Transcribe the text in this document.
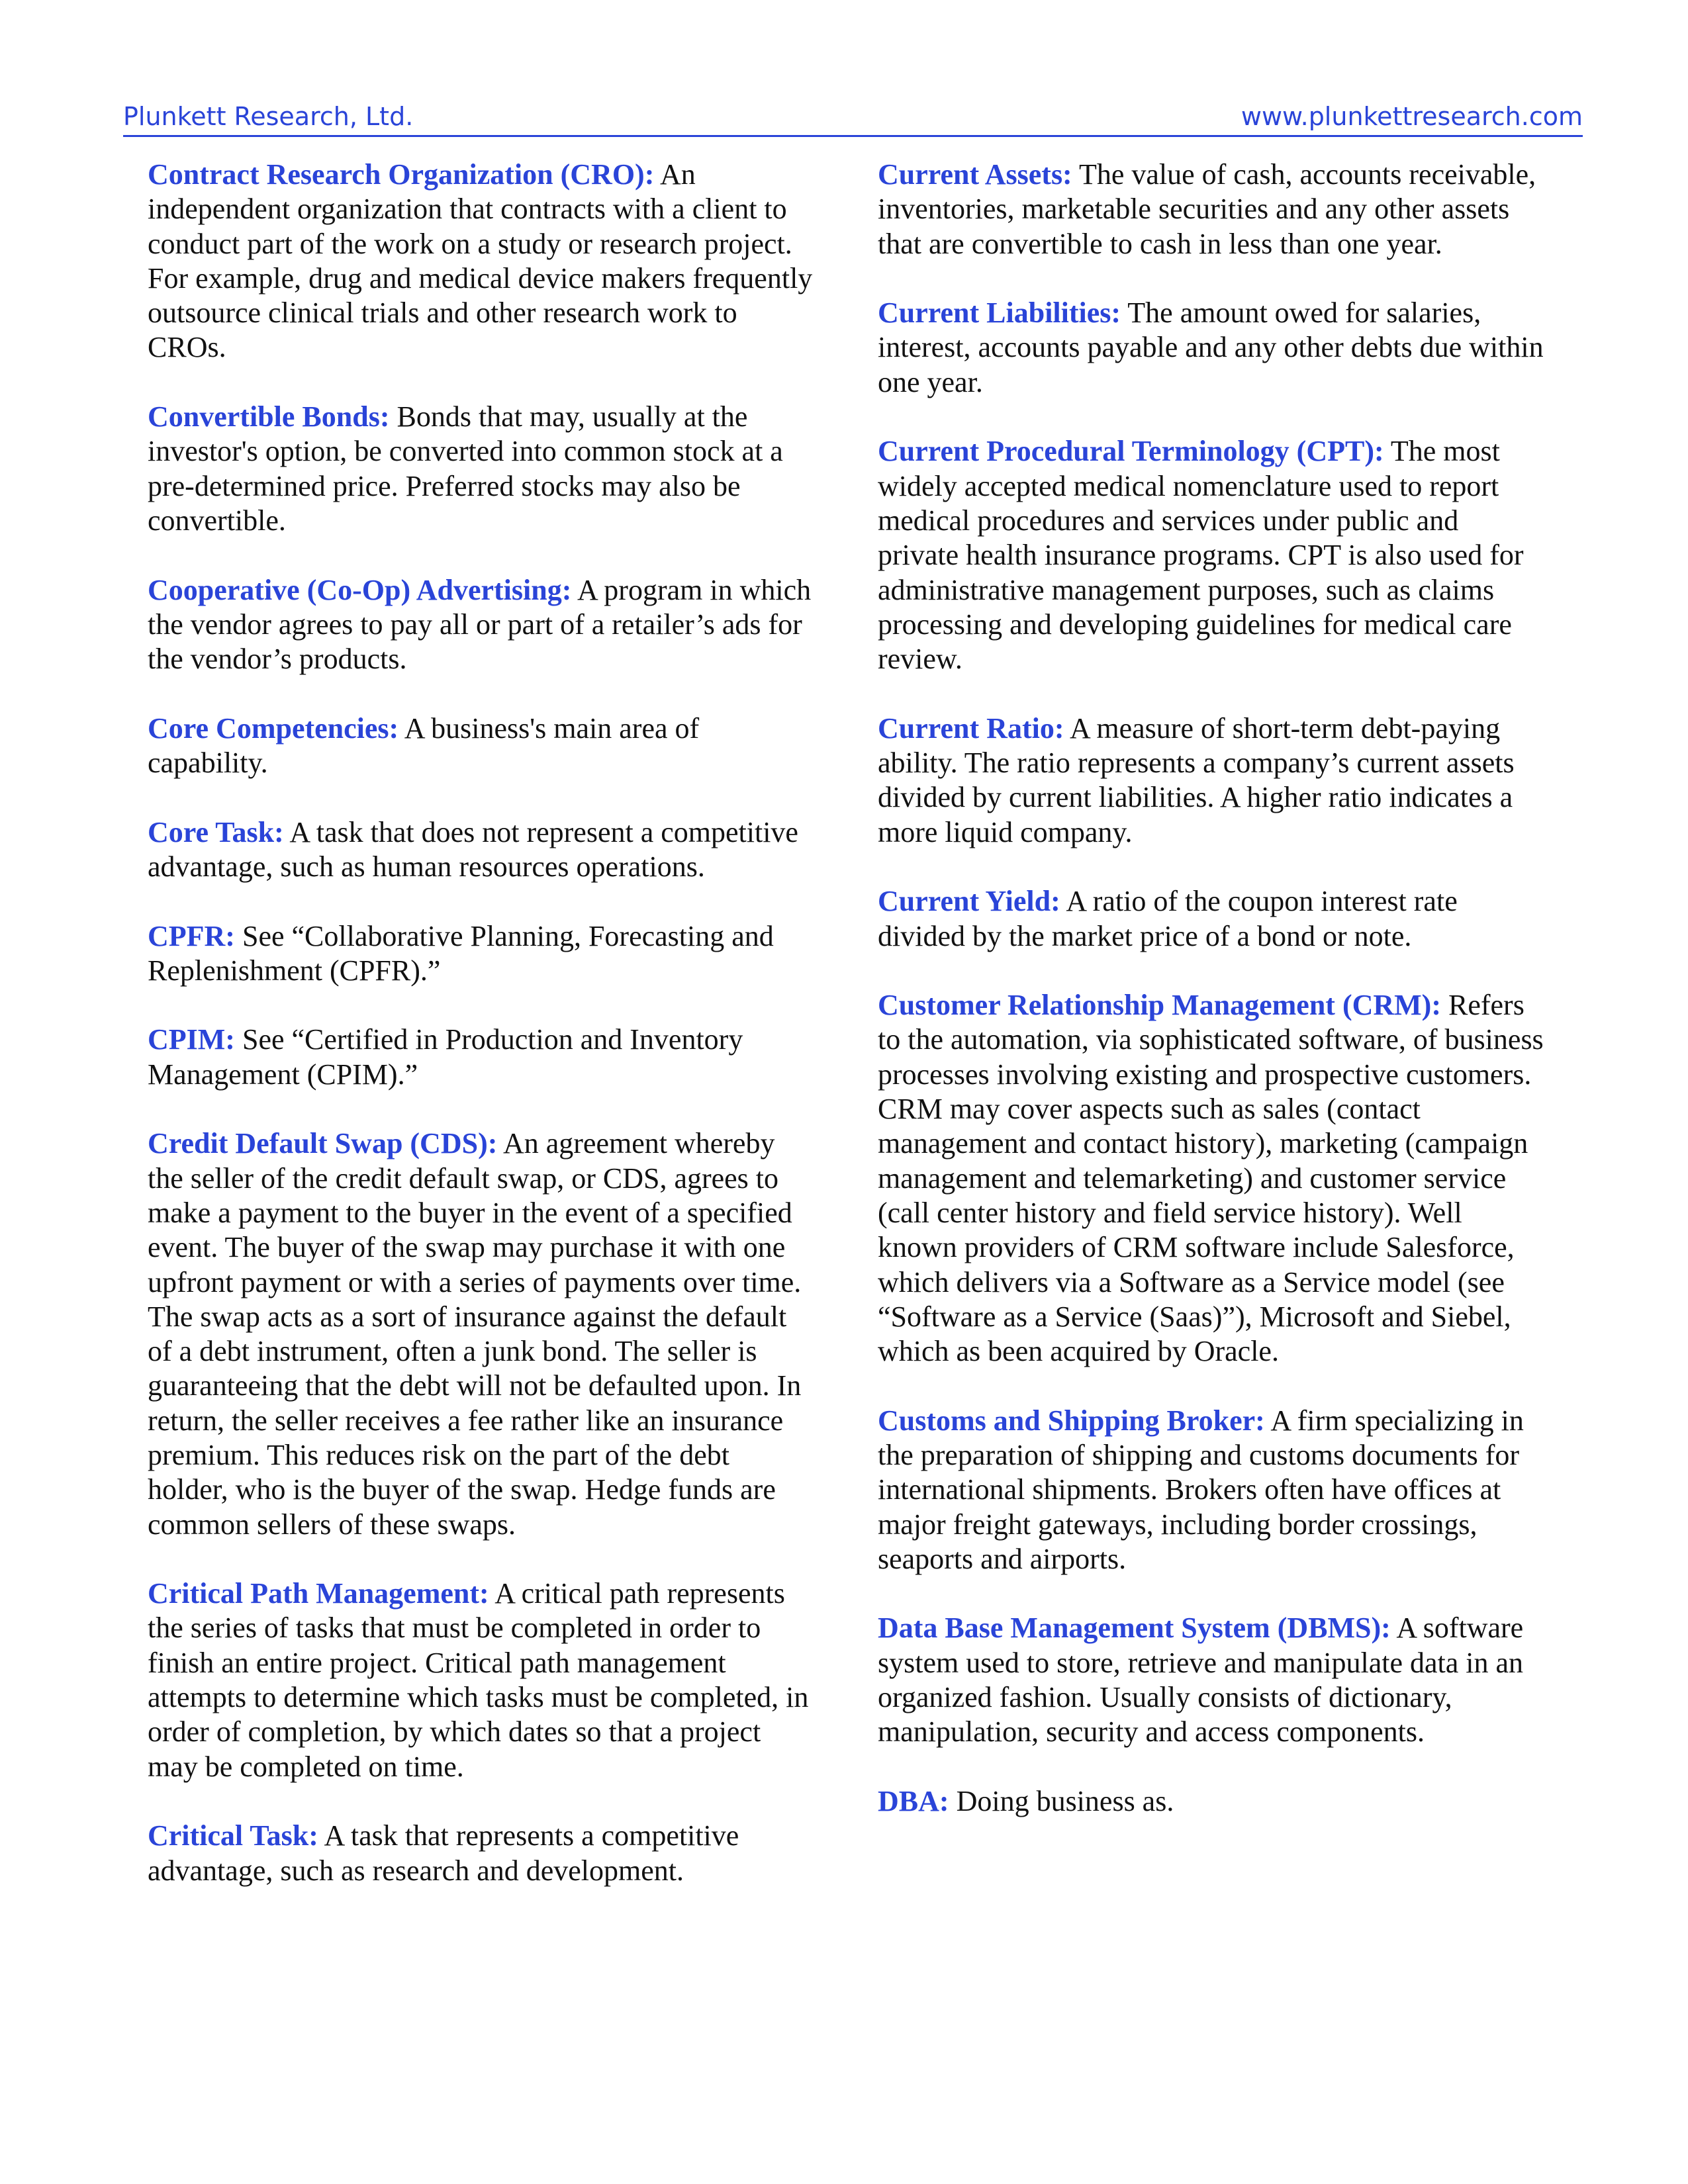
Plunkett Research, Ltd.	www.plunkettresearch.com

Contract Research Organization (CRO): An independent organization that contracts with a client to conduct part of the work on a study or research project. For example, drug and medical device makers frequently outsource clinical trials and other research work to CROs.

Convertible Bonds: Bonds that may, usually at the investor's option, be converted into common stock at a pre-determined price. Preferred stocks may also be convertible.

Cooperative (Co-Op) Advertising: A program in which the vendor agrees to pay all or part of a retailer’s ads for the vendor’s products.

Core Competencies: A business's main area of capability.

Core Task: A task that does not represent a competitive advantage, such as human resources operations.

CPFR: See “Collaborative Planning, Forecasting and Replenishment (CPFR).”

CPIM: See “Certified in Production and Inventory Management (CPIM).”

Credit Default Swap (CDS): An agreement whereby the seller of the credit default swap, or CDS, agrees to make a payment to the buyer in the event of a specified event. The buyer of the swap may purchase it with one upfront payment or with a series of payments over time. The swap acts as a sort of insurance against the default of a debt instrument, often a junk bond. The seller is guaranteeing that the debt will not be defaulted upon. In return, the seller receives a fee rather like an insurance premium. This reduces risk on the part of the debt holder, who is the buyer of the swap. Hedge funds are common sellers of these swaps.

Critical Path Management: A critical path represents the series of tasks that must be completed in order to finish an entire project. Critical path management attempts to determine which tasks must be completed, in order of completion, by which dates so that a project may be completed on time.

Critical Task: A task that represents a competitive advantage, such as research and development.

Current Assets: The value of cash, accounts receivable, inventories, marketable securities and any other assets that are convertible to cash in less than one year.

Current Liabilities: The amount owed for salaries, interest, accounts payable and any other debts due within one year.

Current Procedural Terminology (CPT): The most widely accepted medical nomenclature used to report medical procedures and services under public and private health insurance programs. CPT is also used for administrative management purposes, such as claims processing and developing guidelines for medical care review.

Current Ratio: A measure of short-term debt-paying ability. The ratio represents a company’s current assets divided by current liabilities. A higher ratio indicates a more liquid company.

Current Yield: A ratio of the coupon interest rate divided by the market price of a bond or note.

Customer Relationship Management (CRM): Refers to the automation, via sophisticated software, of business processes involving existing and prospective customers. CRM may cover aspects such as sales (contact management and contact history), marketing (campaign management and telemarketing) and customer service (call center history and field service history). Well known providers of CRM software include Salesforce, which delivers via a Software as a Service model (see “Software as a Service (Saas)”), Microsoft and Siebel, which as been acquired by Oracle.

Customs and Shipping Broker: A firm specializing in the preparation of shipping and customs documents for international shipments. Brokers often have offices at major freight gateways, including border crossings, seaports and airports.

Data Base Management System (DBMS): A software system used to store, retrieve and manipulate data in an organized fashion. Usually consists of dictionary, manipulation, security and access components.

DBA: Doing business as.
